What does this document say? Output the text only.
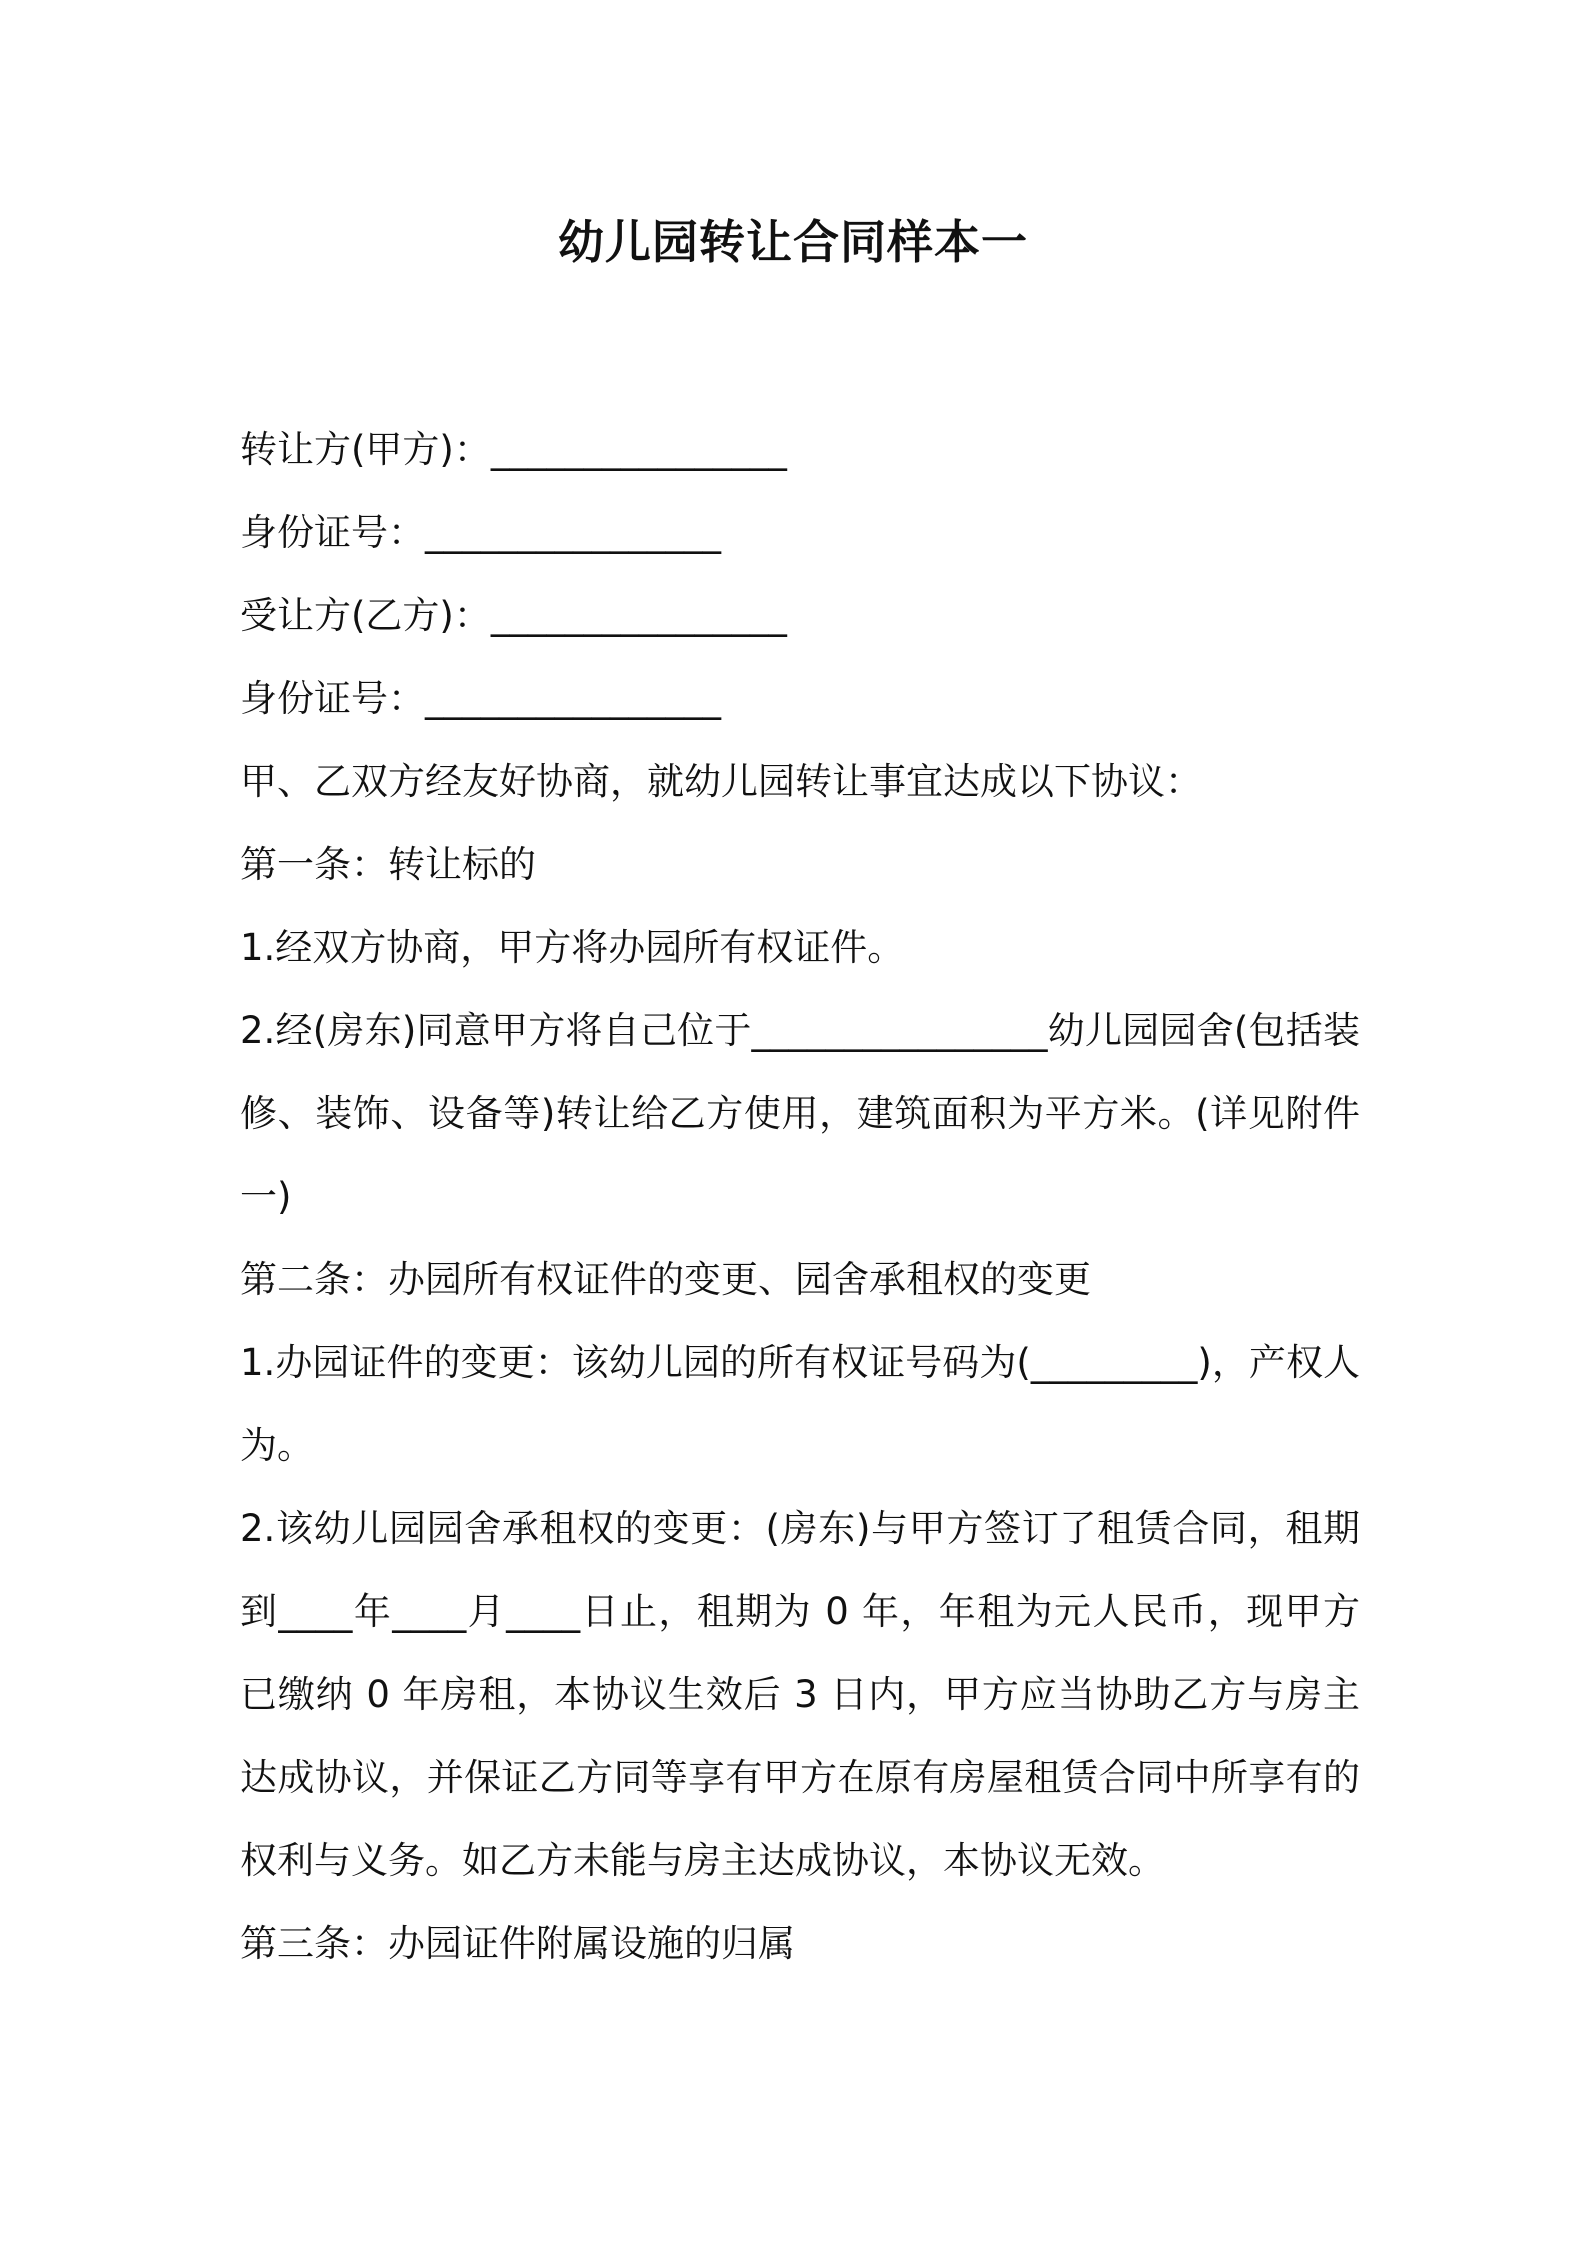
幼儿园转让合同样本一

转让方(甲方)：________________

身份证号：________________

受让方(乙方)：________________

身份证号：________________

甲、乙双方经友好协商，就幼儿园转让事宜达成以下协议：

第一条：转让标的

1.经双方协商，甲方将办园所有权证件。

2.经(房东)同意甲方将自己位于________________幼儿园园舍(包括装修、装饰、设备等)转让给乙方使用，建筑面积为平方米。(详见附件一)

第二条：办园所有权证件的变更、园舍承租权的变更

1.办园证件的变更：该幼儿园的所有权证号码为(_________)，产权人为。

2.该幼儿园园舍承租权的变更：(房东)与甲方签订了租赁合同，租期到____年____月____日止，租期为 0 年，年租为元人民币，现甲方已缴纳 0 年房租，本协议生效后 3 日内，甲方应当协助乙方与房主达成协议，并保证乙方同等享有甲方在原有房屋租赁合同中所享有的权利与义务。如乙方未能与房主达成协议，本协议无效。

第三条：办园证件附属设施的归属
